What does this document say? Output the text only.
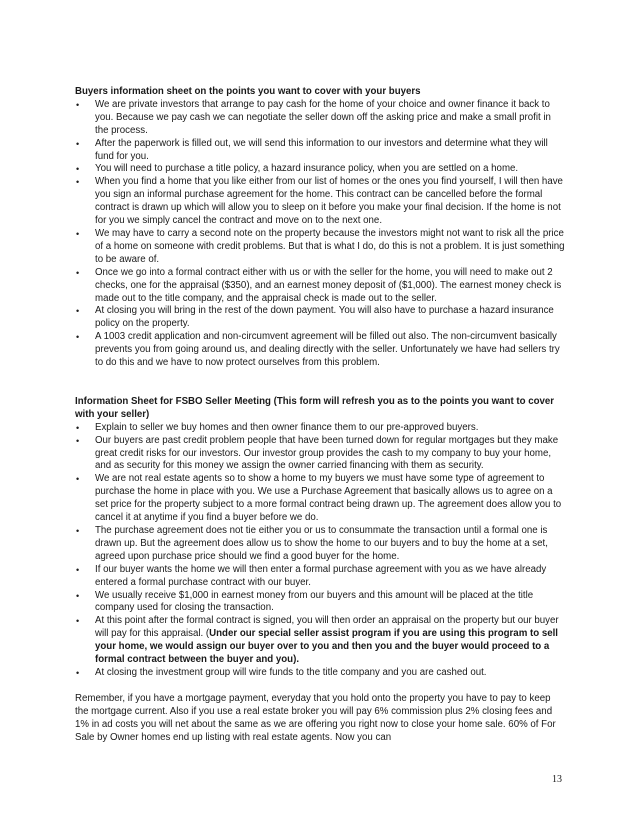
Buyers information sheet on the points you want to cover with your buyers

• We are private investors that arrange to pay cash for the home of your choice and owner finance it back to you. Because we pay cash we can negotiate the seller down off the asking price and make a small profit in the process.
• After the paperwork is filled out, we will send this information to our investors and determine what they will fund for you.
• You will need to purchase a title policy, a hazard insurance policy, when you are settled on a home.
• When you find a home that you like either from our list of homes or the ones you find yourself, I will then have you sign an informal purchase agreement for the home. This contract can be cancelled before the formal contract is drawn up which will allow you to sleep on it before you make your final decision. If the home is not for you we simply cancel the contract and move on to the next one.
• We may have to carry a second note on the property because the investors might not want to risk all the price of a home on someone with credit problems. But that is what I do, do this is not a problem. It is just something to be aware of.
• Once we go into a formal contract either with us or with the seller for the home, you will need to make out 2 checks, one for the appraisal ($350), and an earnest money deposit of ($1,000). The earnest money check is made out to the title company, and the appraisal check is made out to the seller.
• At closing you will bring in the rest of the down payment. You will also have to purchase a hazard insurance policy on the property.
• A 1003 credit application and non-circumvent agreement will be filled out also. The non-circumvent basically prevents you from going around us, and dealing directly with the seller. Unfortunately we have had sellers try to do this and we have to now protect ourselves from this problem.

Information Sheet for FSBO Seller Meeting (This form will refresh you as to the points you want to cover with your seller)

• Explain to seller we buy homes and then owner finance them to our pre-approved buyers.
• Our buyers are past credit problem people that have been turned down for regular mortgages but they make great credit risks for our investors. Our investor group provides the cash to my company to buy your home, and as security for this money we assign the owner carried financing with them as security.
• We are not real estate agents so to show a home to my buyers we must have some type of agreement to purchase the home in place with you. We use a Purchase Agreement that basically allows us to agree on a set price for the property subject to a more formal contract being drawn up. The agreement does allow you to cancel it at anytime if you find a buyer before we do.
• The purchase agreement does not tie either you or us to consummate the transaction until a formal one is drawn up. But the agreement does allow us to show the home to our buyers and to buy the home at a set, agreed upon purchase price should we find a good buyer for the home.
• If our buyer wants the home we will then enter a formal purchase agreement with you as we have already entered a formal purchase contract with our buyer.
• We usually receive $1,000 in earnest money from our buyers and this amount will be placed at the title company used for closing the transaction.
• At this point after the formal contract is signed, you will then order an appraisal on the property but our buyer will pay for this appraisal. (Under our special seller assist program if you are using this program to sell your home, we would assign our buyer over to you and then you and the buyer would proceed to a formal contract between the buyer and you).
• At closing the investment group will wire funds to the title company and you are cashed out.

Remember, if you have a mortgage payment, everyday that you hold onto the property you have to pay to keep the mortgage current. Also if you use a real estate broker you will pay 6% commission plus 2% closing fees and 1% in ad costs you will net about the same as we are offering you right now to close your home sale. 60% of For Sale by Owner homes end up listing with real estate agents. Now you can

13
